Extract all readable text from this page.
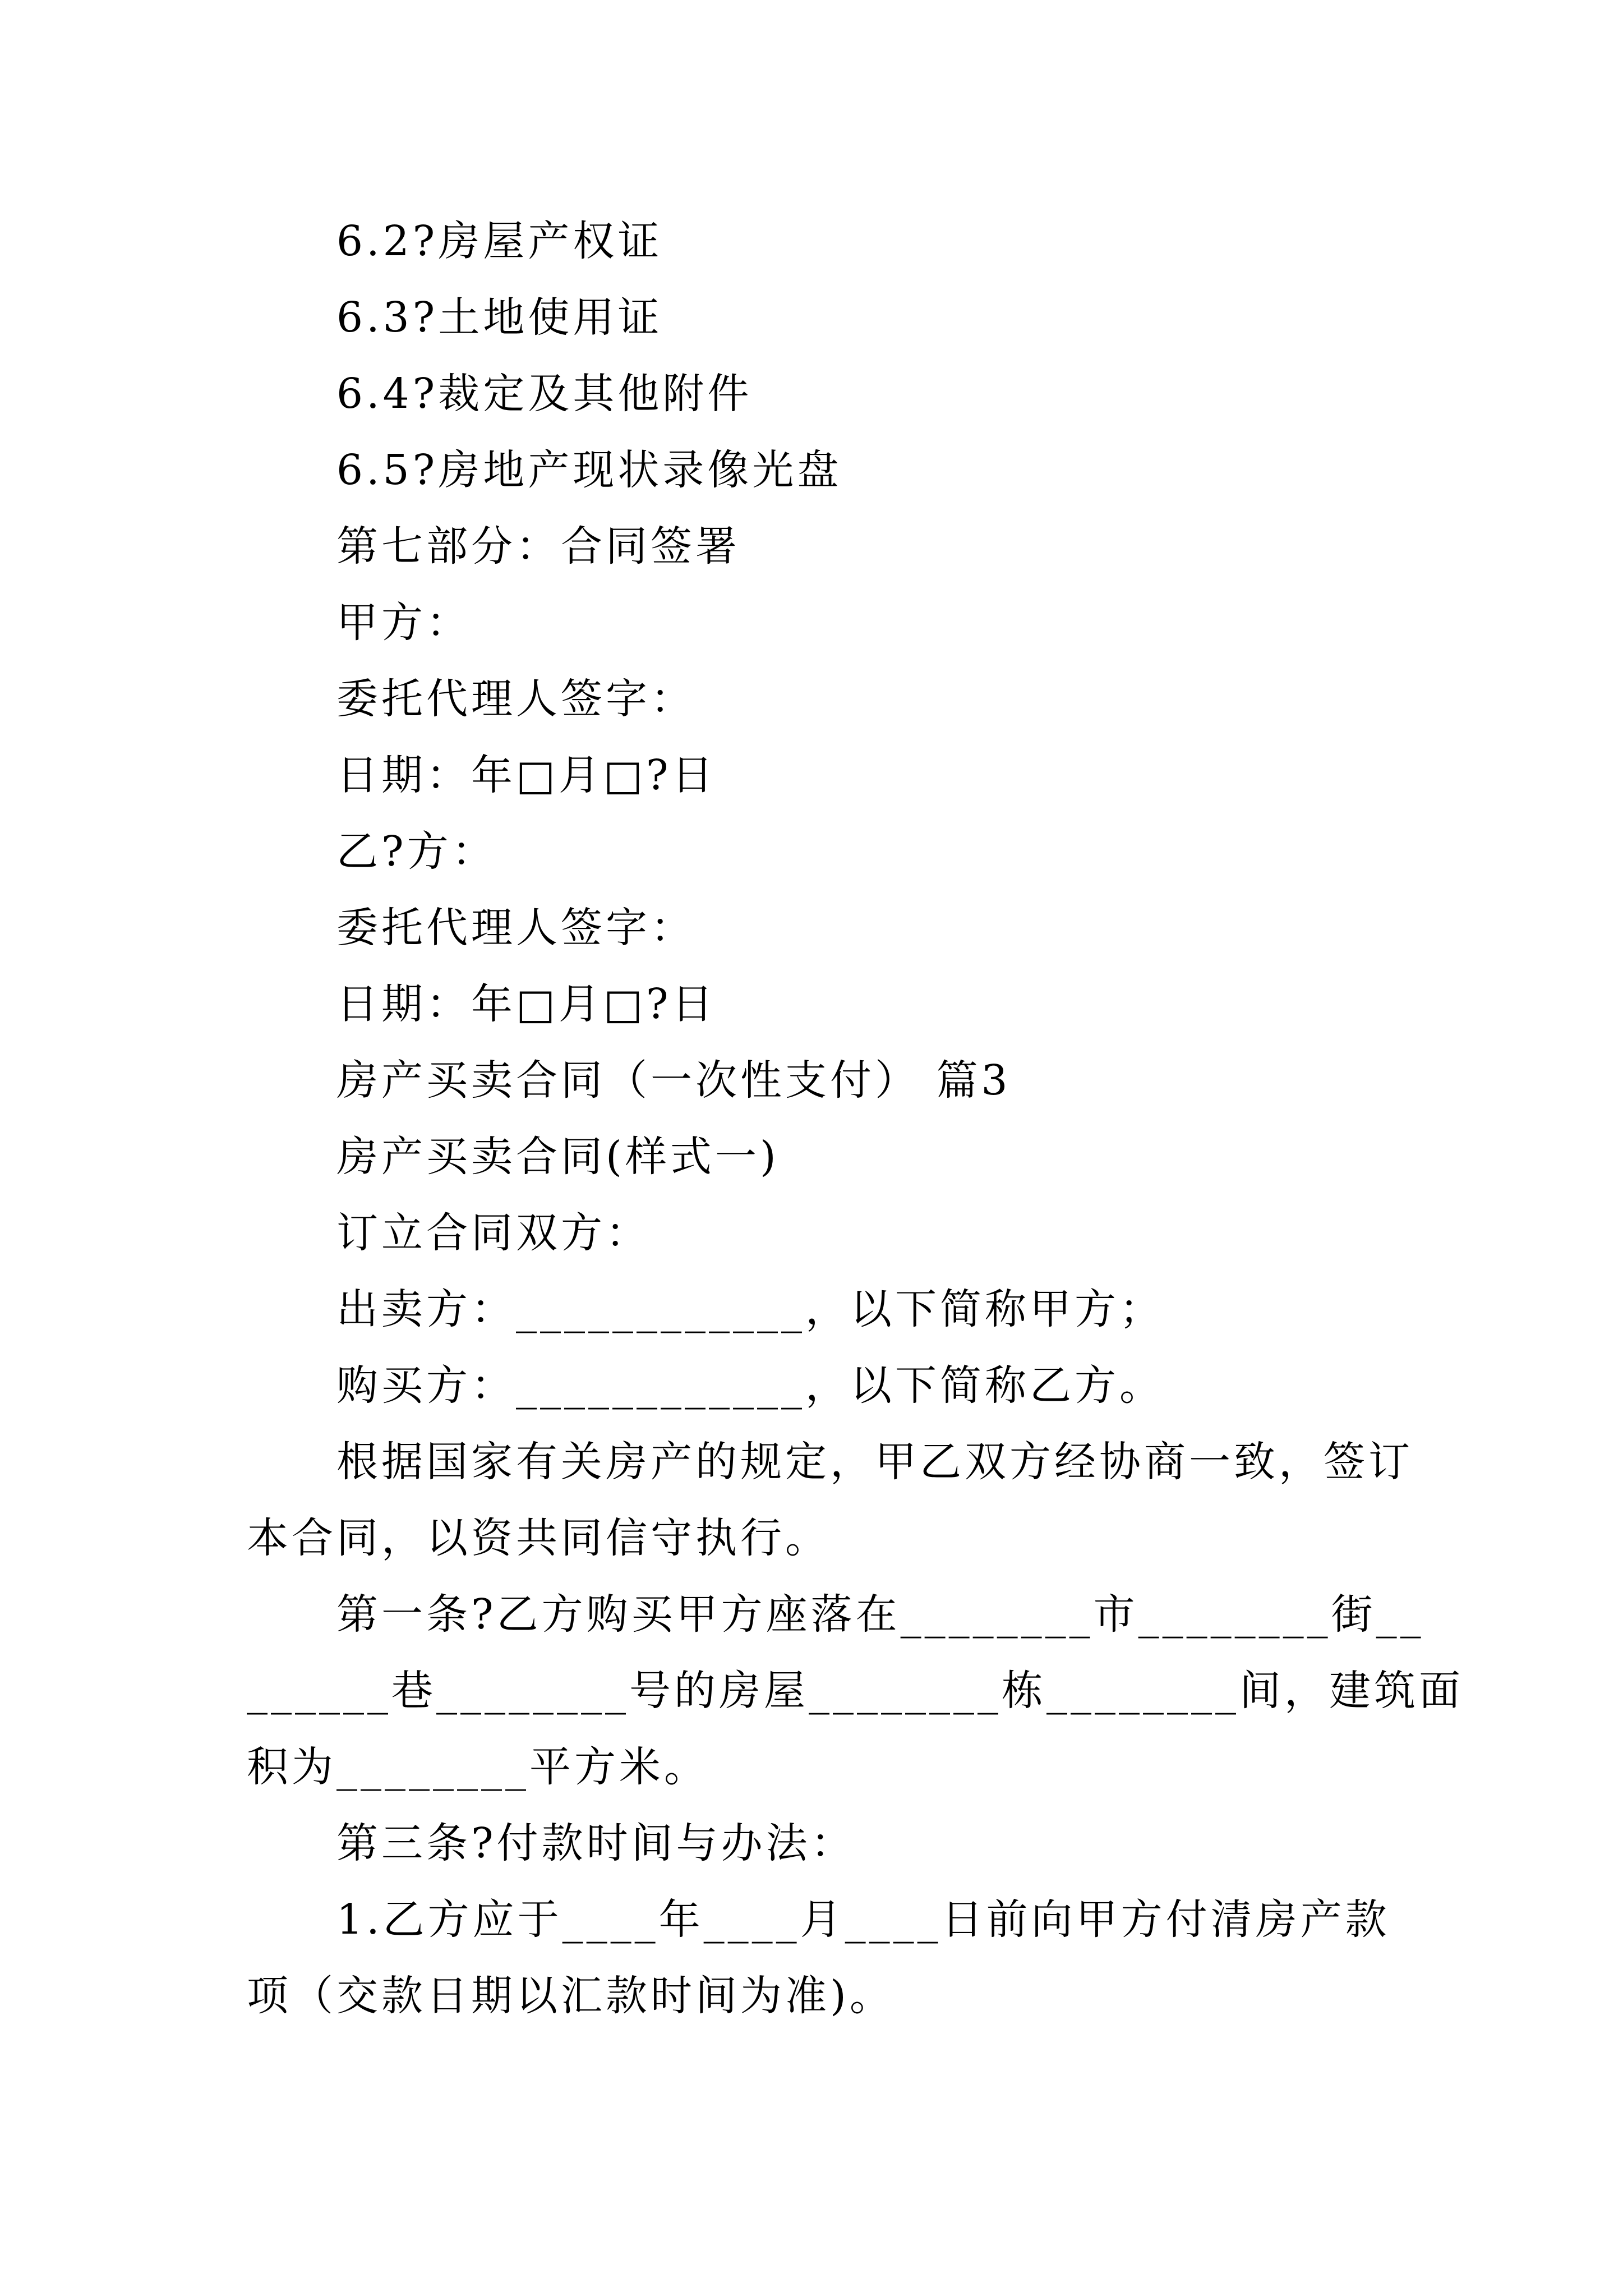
6.2?房屋产权证
6.3?土地使用证
6.4?裁定及其他附件
6.5?房地产现状录像光盘
第七部分：合同签署
甲方：
委托代理人签字：
日期：年□月□?日
乙?方：
委托代理人签字：
日期：年□月□?日
房产买卖合同（一次性支付） 篇3
房产买卖合同(样式一)
订立合同双方：
出卖方：____________，以下简称甲方；
购买方：____________，以下简称乙方。
根据国家有关房产的规定，甲乙双方经协商一致，签订
本合同，以资共同信守执行。
第一条?乙方购买甲方座落在________市________街__
______巷________号的房屋________栋________间，建筑面
积为________平方米。
第三条?付款时间与办法：
1.乙方应于____年____月____日前向甲方付清房产款
项（交款日期以汇款时间为准)。
